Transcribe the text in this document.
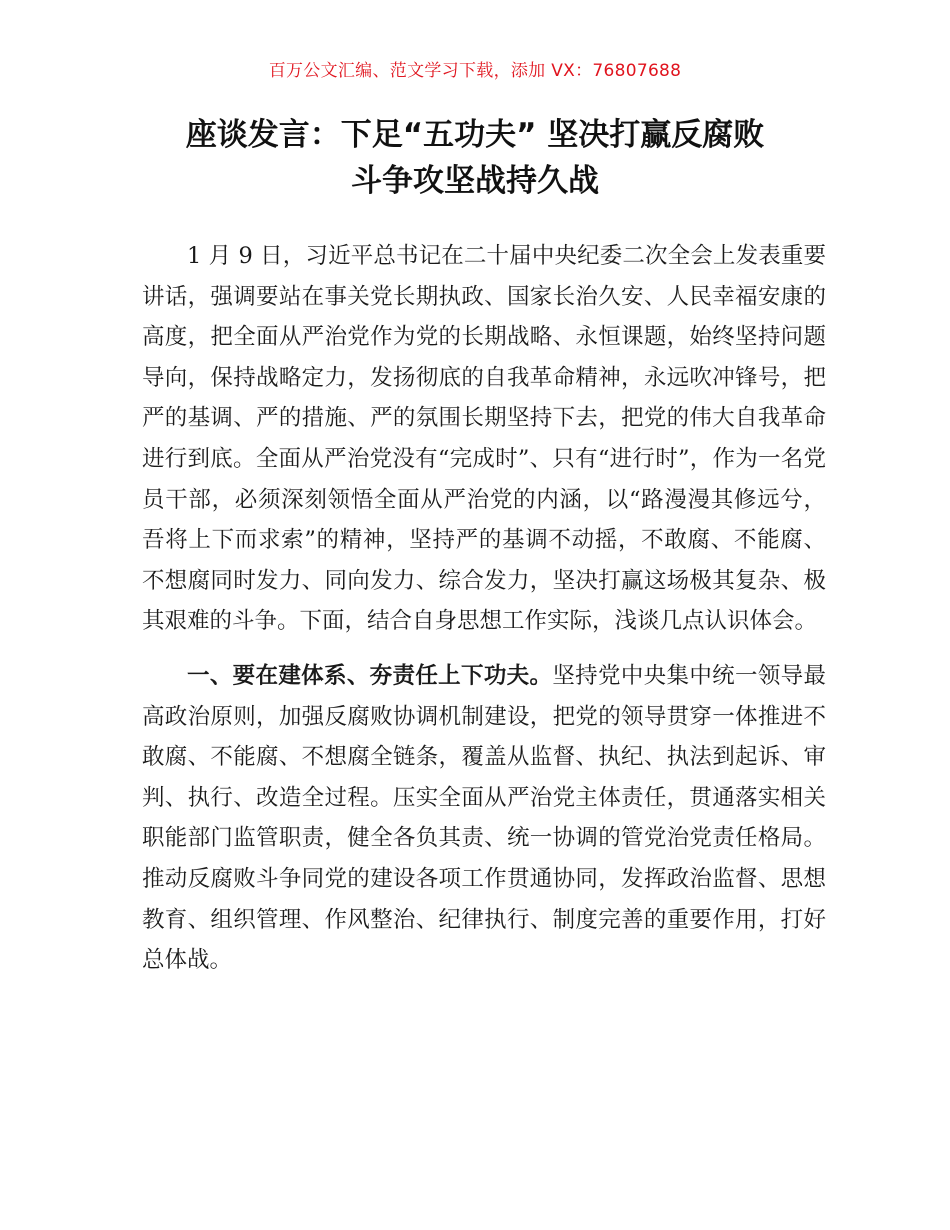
百万公文汇编、范文学习下载，添加 VX：76807688
座谈发言：下足“五功夫” 坚决打赢反腐败
斗争攻坚战持久战

1 月 9 日，习近平总书记在二十届中央纪委二次全会上发表重要讲话，强调要站在事关党长期执政、国家长治久安、人民幸福安康的高度，把全面从严治党作为党的长期战略、永恒课题，始终坚持问题导向，保持战略定力，发扬彻底的自我革命精神，永远吹冲锋号，把严的基调、严的措施、严的氛围长期坚持下去，把党的伟大自我革命进行到底。全面从严治党没有“完成时”、只有“进行时”，作为一名党员干部，必须深刻领悟全面从严治党的内涵，以“路漫漫其修远兮，吾将上下而求索”的精神，坚持严的基调不动摇，不敢腐、不能腐、不想腐同时发力、同向发力、综合发力，坚决打赢这场极其复杂、极其艰难的斗争。下面，结合自身思想工作实际，浅谈几点认识体会。

一、要在建体系、夯责任上下功夫。坚持党中央集中统一领导最高政治原则，加强反腐败协调机制建设，把党的领导贯穿一体推进不敢腐、不能腐、不想腐全链条，覆盖从监督、执纪、执法到起诉、审判、执行、改造全过程。压实全面从严治党主体责任，贯通落实相关职能部门监管职责，健全各负其责、统一协调的管党治党责任格局。推动反腐败斗争同党的建设各项工作贯通协同，发挥政治监督、思想教育、组织管理、作风整治、纪律执行、制度完善的重要作用，打好总体战。
